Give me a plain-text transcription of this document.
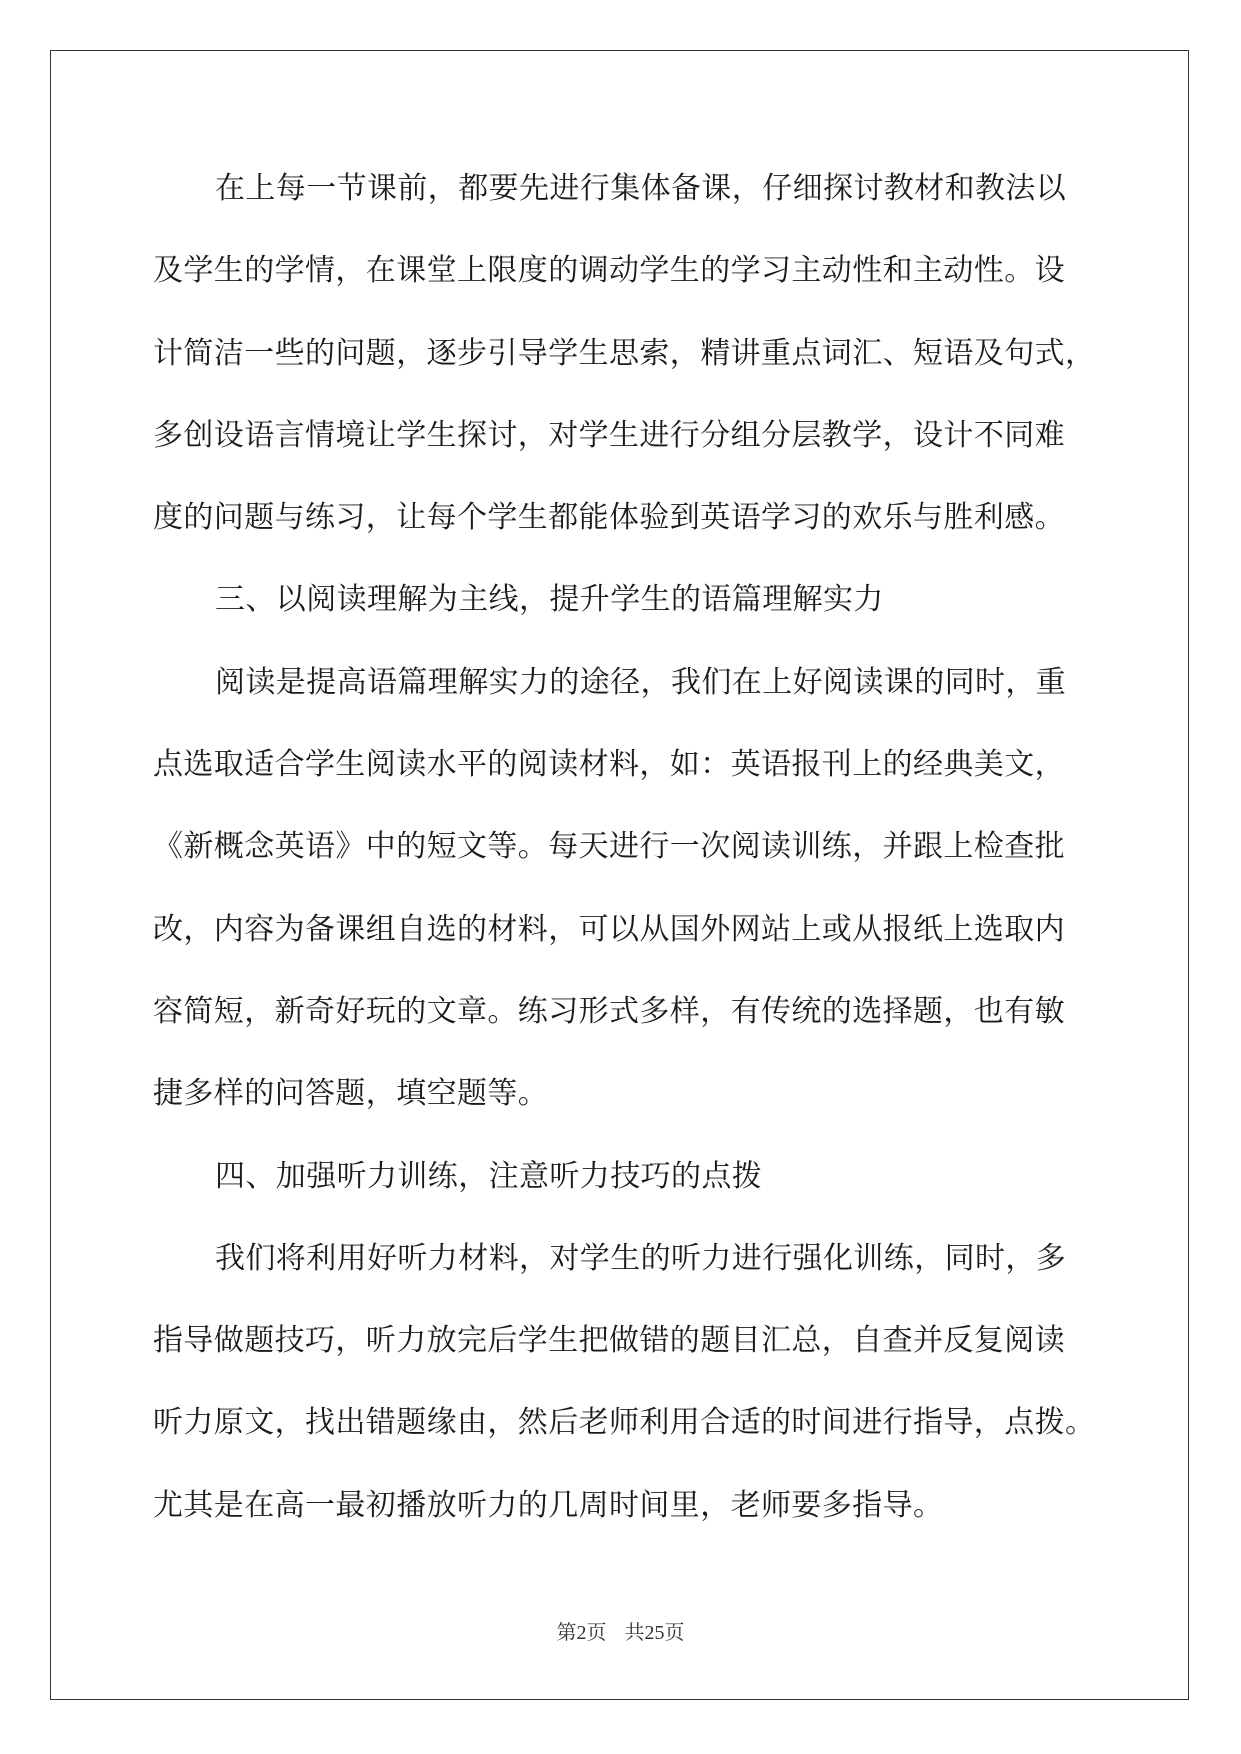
在上每一节课前，都要先进行集体备课，仔细探讨教材和教法以
及学生的学情，在课堂上限度的调动学生的学习主动性和主动性。设
计简洁一些的问题，逐步引导学生思索，精讲重点词汇、短语及句式，
多创设语言情境让学生探讨，对学生进行分组分层教学，设计不同难
度的问题与练习，让每个学生都能体验到英语学习的欢乐与胜利感。
三、以阅读理解为主线，提升学生的语篇理解实力
阅读是提高语篇理解实力的途径，我们在上好阅读课的同时，重
点选取适合学生阅读水平的阅读材料，如：英语报刊上的经典美文，
《新概念英语》中的短文等。每天进行一次阅读训练，并跟上检查批
改，内容为备课组自选的材料，可以从国外网站上或从报纸上选取内
容简短，新奇好玩的文章。练习形式多样，有传统的选择题，也有敏
捷多样的问答题，填空题等。
四、加强听力训练，注意听力技巧的点拨
我们将利用好听力材料，对学生的听力进行强化训练，同时，多
指导做题技巧，听力放完后学生把做错的题目汇总，自查并反复阅读
听力原文，找出错题缘由，然后老师利用合适的时间进行指导，点拨。
尤其是在高一最初播放听力的几周时间里，老师要多指导。
第2页 共25页
